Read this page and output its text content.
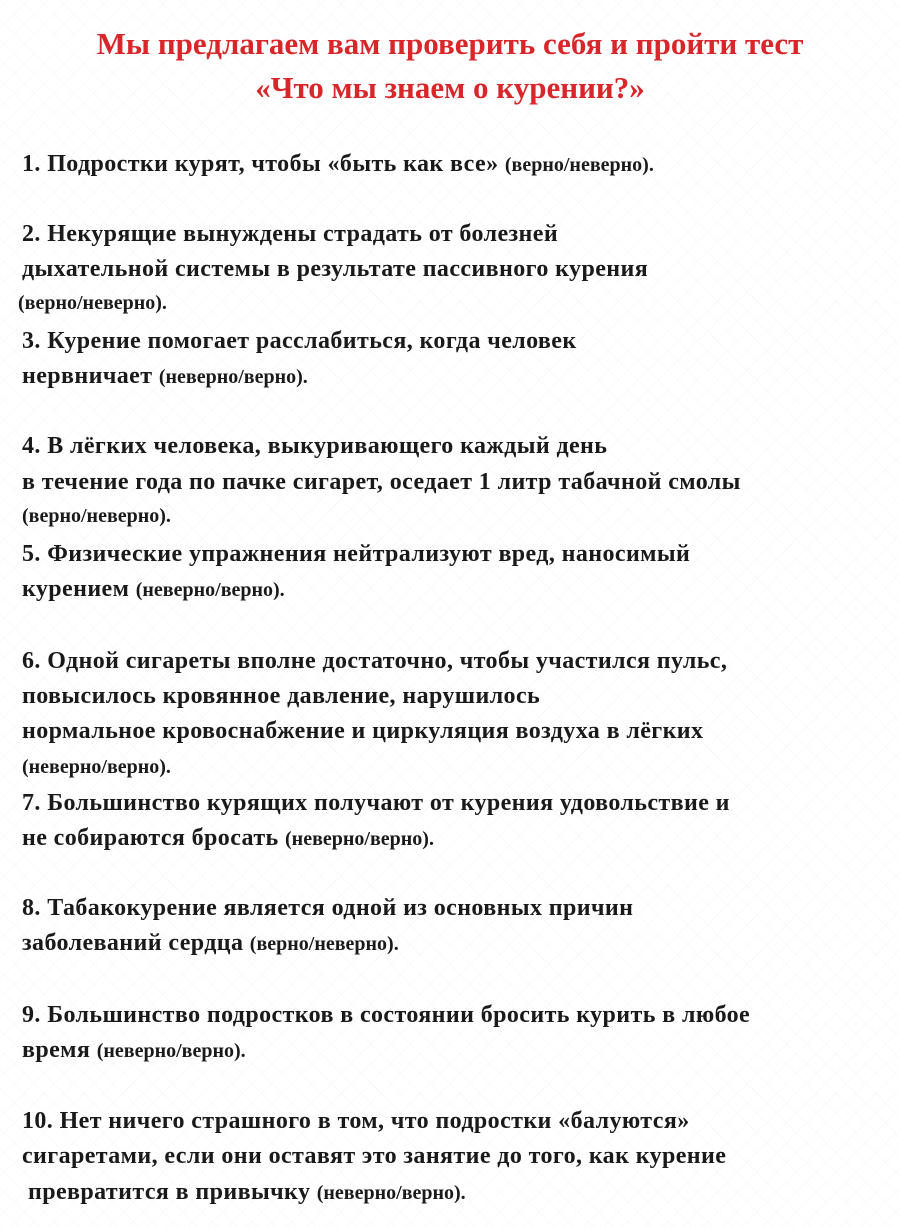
Мы предлагаем вам проверить себя и пройти тест
«Что мы знаем о курении?»
1. Подростки курят, чтобы «быть как все» (верно/неверно).
2. Некурящие вынуждены страдать от болезней
дыхательной системы в результате пассивного курения
(верно/неверно).
3. Курение помогает расслабиться, когда человек
нервничает (неверно/верно).
4. В лёгких человека, выкуривающего каждый день
в течение года по пачке сигарет, оседает 1 литр табачной смолы
(верно/неверно).
5. Физические упражнения нейтрализуют вред, наносимый
курением (неверно/верно).
6. Одной сигареты вполне достаточно, чтобы участился пульс,
повысилось кровянное давление, нарушилось
нормальное кровоснабжение и циркуляция воздуха в лёгких
(неверно/верно).
7. Большинство курящих получают от курения удовольствие и
не собираются бросать (неверно/верно).
8. Табакокурение является одной из основных причин
заболеваний сердца (верно/неверно).
9. Большинство подростков в состоянии бросить курить в любое
время (неверно/верно).
10. Нет ничего страшного в том, что подростки «балуются»
сигаретами, если они оставят это занятие до того, как курение
превратится в привычку (неверно/верно).
